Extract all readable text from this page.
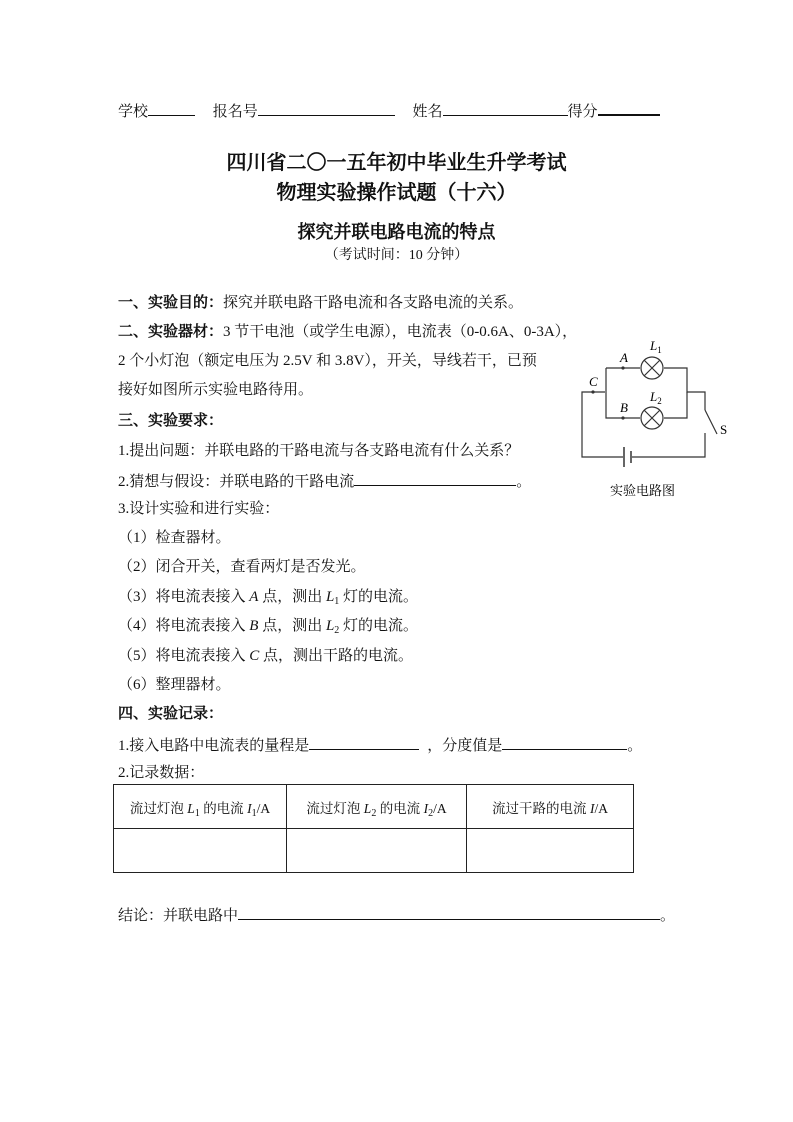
学校	报名号	姓名	得分
四川省二〇一五年初中毕业生升学考试
物理实验操作试题（十六）
探究并联电路电流的特点
（考试时间：10 分钟）
一、实验目的：探究并联电路干路电流和各支路电流的关系。
二、实验器材：3 节干电池（或学生电源），电流表（0-0.6A、0-3A），
2 个小灯泡（额定电压为 2.5V 和 3.8V），开关，导线若干，已预
接好如图所示实验电路待用。
三、实验要求：
1.提出问题：并联电路的干路电流与各支路电流有什么关系？
2.猜想与假设：并联电路的干路电流	。
3.设计实验和进行实验：
（1）检查器材。
（2）闭合开关，查看两灯是否发光。
（3）将电流表接入 A 点，测出 $L_1$ 灯的电流。
（4）将电流表接入 B 点，测出 $L_2$ 灯的电流。
（5）将电流表接入 C 点，测出干路的电流。
（6）整理器材。
四、实验记录：
1.接入电路中电流表的量程是	，分度值是	。
2.记录数据：
流过灯泡 $L_1$ 的电流 $I_1/A$	流过灯泡 $L_2$ 的电流 $I_2/A$	流过干路的电流 I/A

结论：并联电路中	。
A
B
C
$L_1$
$L_2$
S
实验电路图
